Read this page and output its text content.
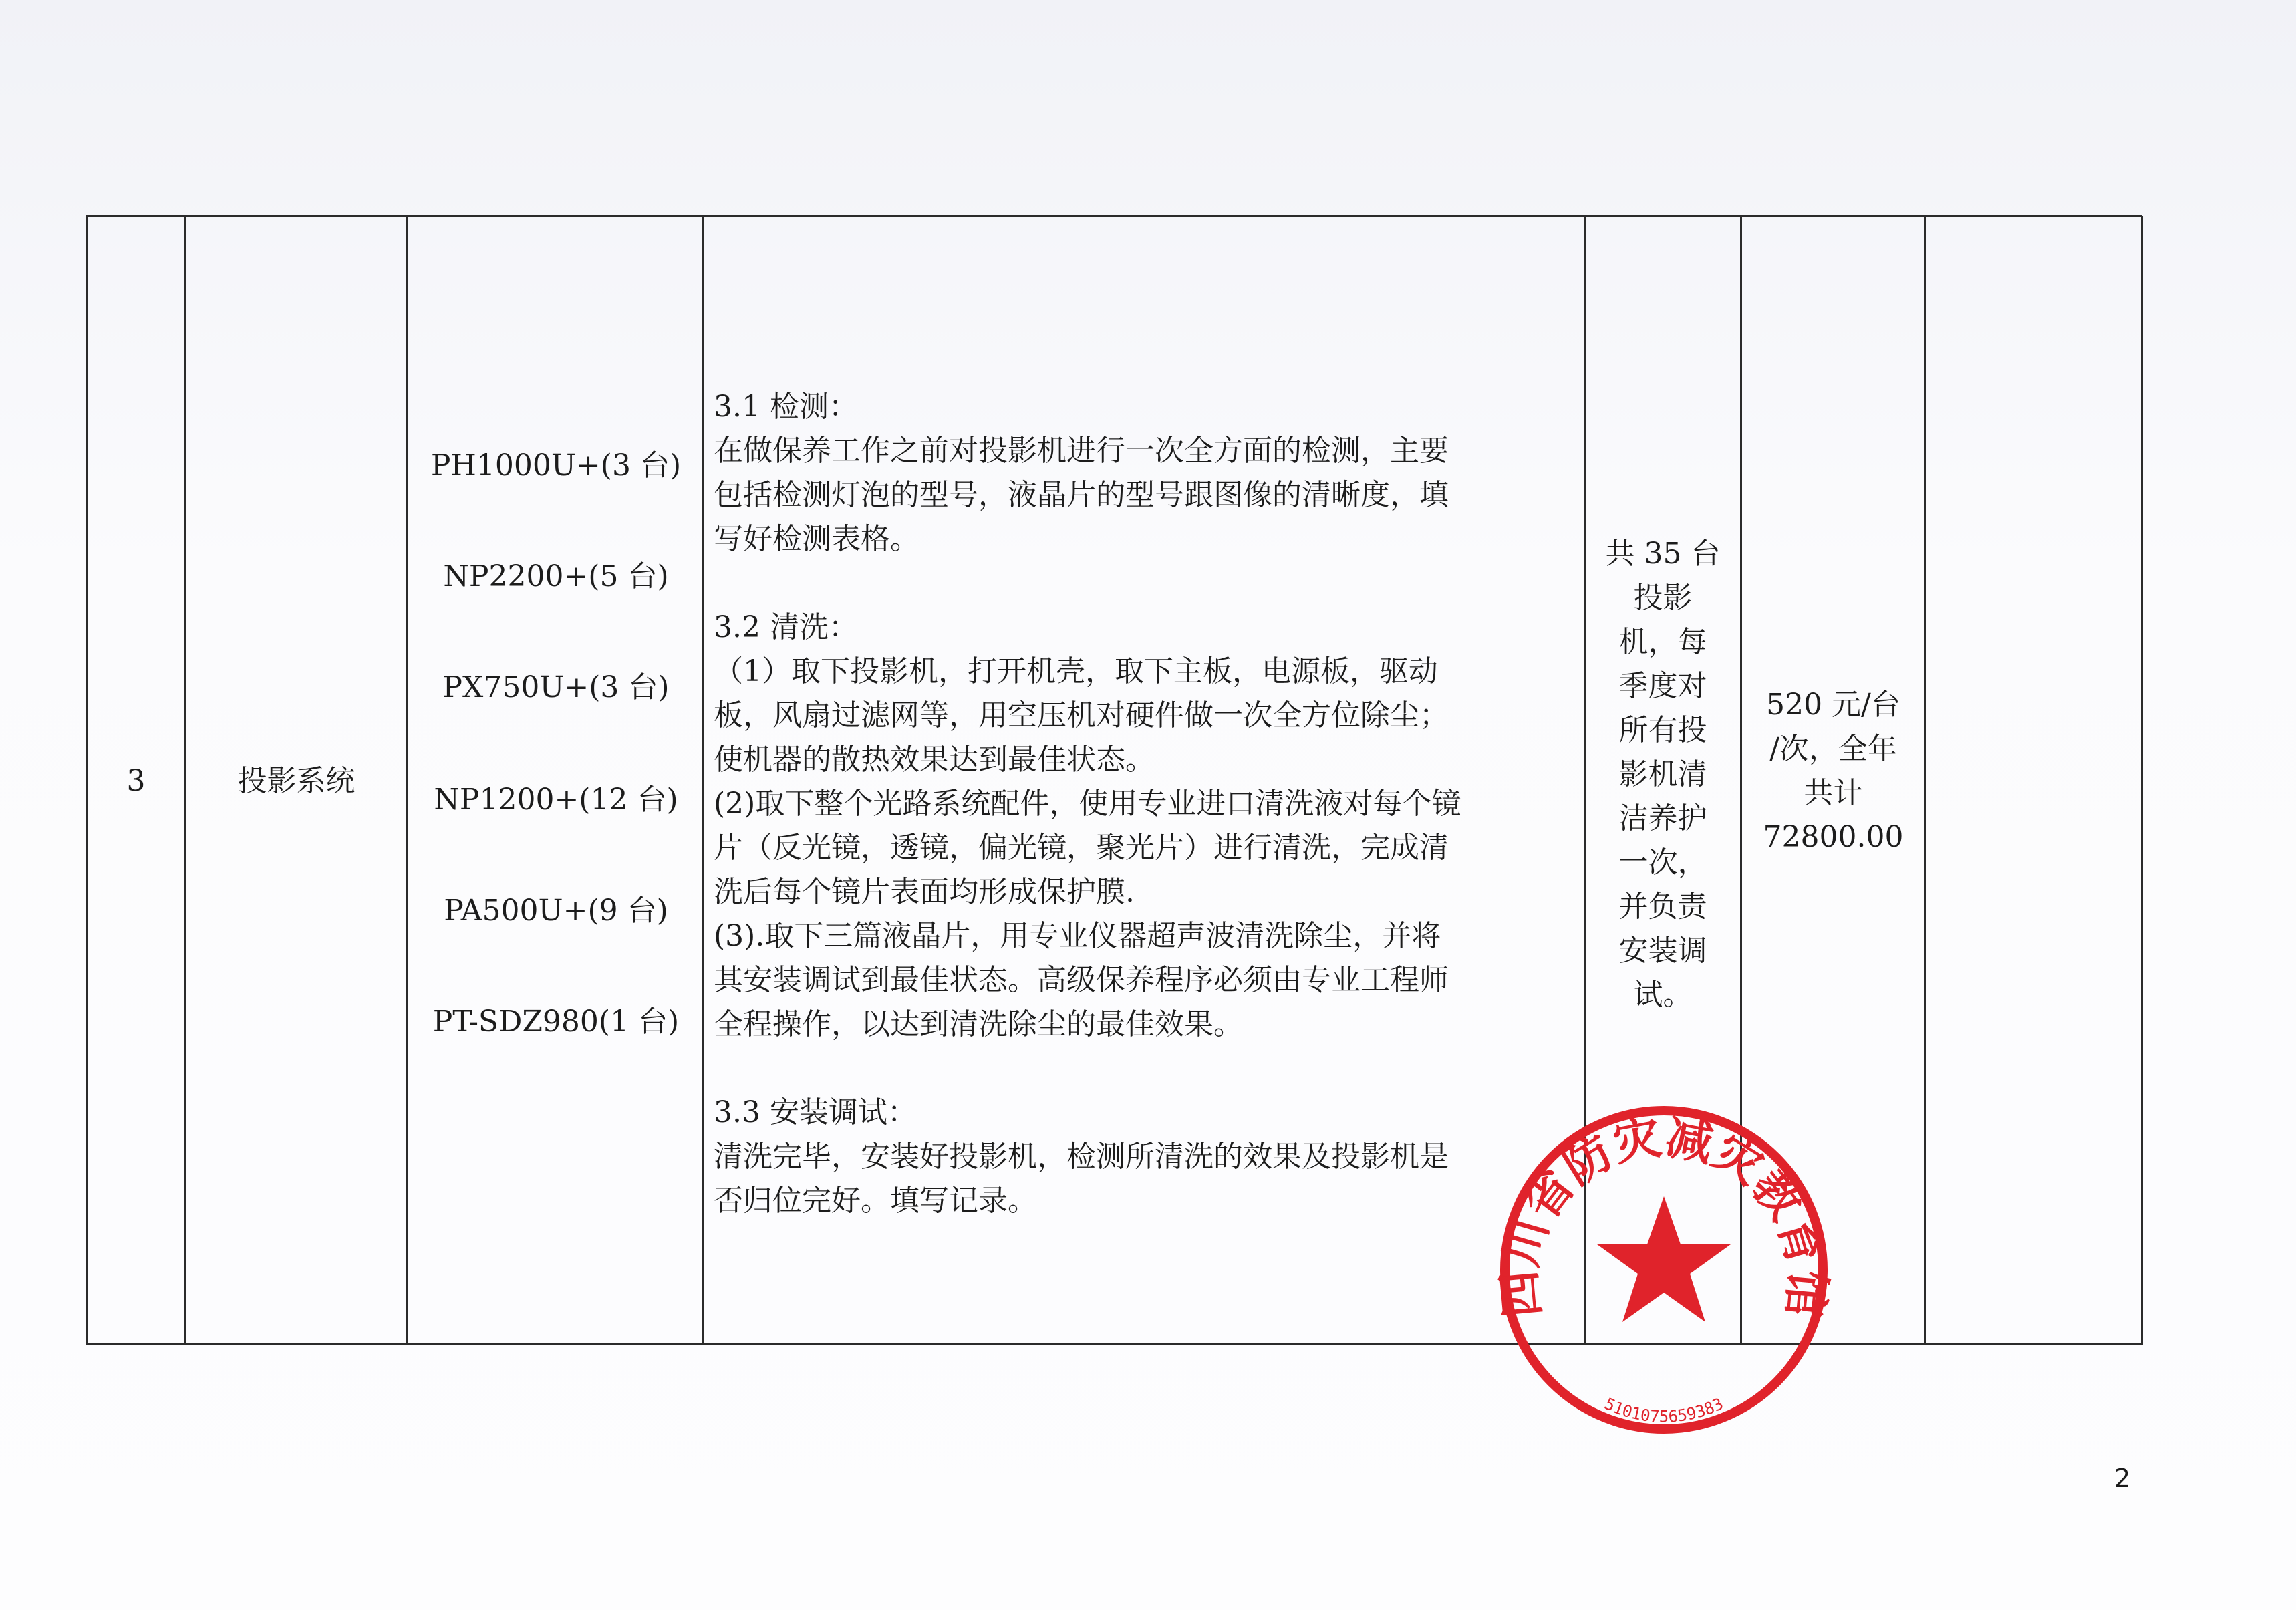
3	投影系统
PH1000U+(3 台)
NP2200+(5 台)
PX750U+(3 台)
NP1200+(12 台)
PA500U+(9 台)
PT-SDZ980(1 台)

3.1 检测：

在做保养工作之前对投影机进行一次全方面的检测，主要

包括检测灯泡的型号，液晶片的型号跟图像的清晰度，填

写好检测表格。

3.2 清洗：

（1）取下投影机，打开机壳，取下主板，电源板，驱动

板，风扇过滤网等，用空压机对硬件做一次全方位除尘；

使机器的散热效果达到最佳状态。

(2)取下整个光路系统配件，使用专业进口清洗液对每个镜

片（反光镜，透镜，偏光镜，聚光片）进行清洗，完成清

洗后每个镜片表面均形成保护膜.

(3).取下三篇液晶片，用专业仪器超声波清洗除尘，并将

其安装调试到最佳状态。高级保养程序必须由专业工程师

全程操作，以达到清洗除尘的最佳效果。

3.3 安装调试：

清洗完毕，安装好投影机，检测所清洗的效果及投影机是

否归位完好。填写记录。

共 35 台
投影
机，每
季度对
所有投
影机清
洁养护
一次，
并负责
安装调
试。
520 元/台
/次，全年
共计
72800.00
四川省防灾减灾教育馆
5101075659383
2
